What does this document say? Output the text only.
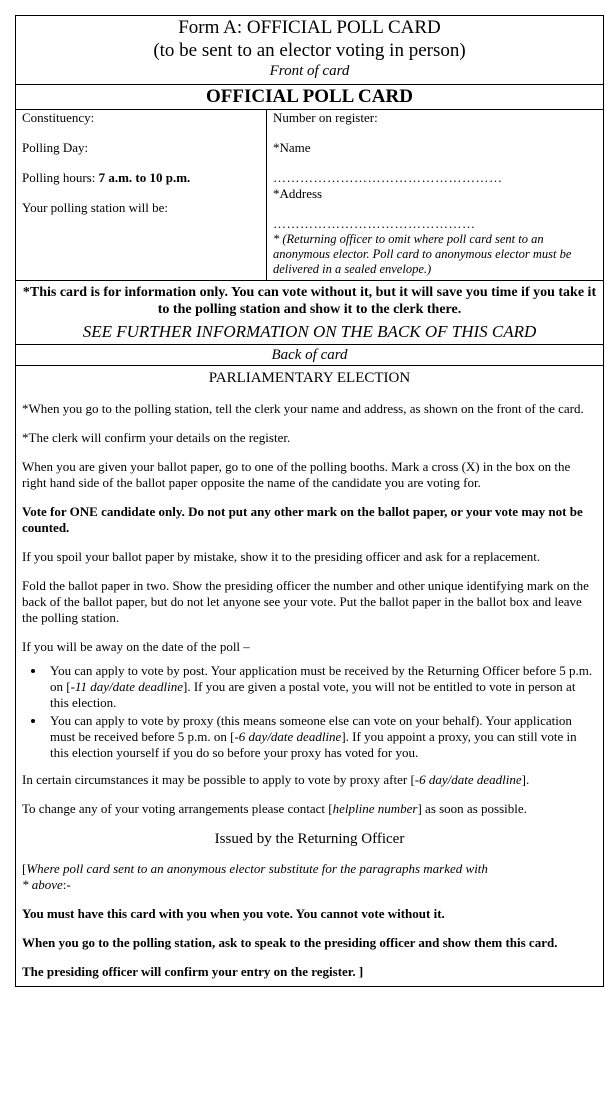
Form A: OFFICIAL POLL CARD
(to be sent to an elector voting in person)
Front of card
OFFICIAL POLL CARD

Constituency:

Polling Day:

Polling hours: 7 a.m. to 10 p.m.

Your polling station will be:

Number on register:

*Name

……………………………………………

*Address

………………………………………

* (Returning officer to omit where poll card sent to an anonymous elector. Poll card to anonymous elector must be delivered in a sealed envelope.)

*This card is for information only. You can vote without it, but it will save you time if you take it to the polling station and show it to the clerk there.
SEE FURTHER INFORMATION ON THE BACK OF THIS CARD
Back of card

PARLIAMENTARY ELECTION

*When you go to the polling station, tell the clerk your name and address, as shown on the front of the card.

*The clerk will confirm your details on the register.

When you are given your ballot paper, go to one of the polling booths. Mark a cross (X) in the box on the right hand side of the ballot paper opposite the name of the candidate you are voting for.

Vote for ONE candidate only. Do not put any other mark on the ballot paper, or your vote may not be counted.

If you spoil your ballot paper by mistake, show it to the presiding officer and ask for a replacement.

Fold the ballot paper in two. Show the presiding officer the number and other unique identifying mark on the back of the ballot paper, but do not let anyone see your vote. Put the ballot paper in the ballot box and leave the polling station.

If you will be away on the date of the poll –

• You can apply to vote by post. Your application must be received by the Returning Officer before 5 p.m. on [-11 day/date deadline]. If you are given a postal vote, you will not be entitled to vote in person at this election.
• You can apply to vote by proxy (this means someone else can vote on your behalf). Your application must be received before 5 p.m. on [-6 day/date deadline]. If you appoint a proxy, you can still vote in this election yourself if you do so before your proxy has voted for you.

In certain circumstances it may be possible to apply to vote by proxy after [-6 day/date deadline].

To change any of your voting arrangements please contact [helpline number] as soon as possible.

Issued by the Returning Officer

[Where poll card sent to an anonymous elector substitute for the paragraphs marked with
* above:-

You must have this card with you when you vote. You cannot vote without it.

When you go to the polling station, ask to speak to the presiding officer and show them this card.

The presiding officer will confirm your entry on the register. ]
